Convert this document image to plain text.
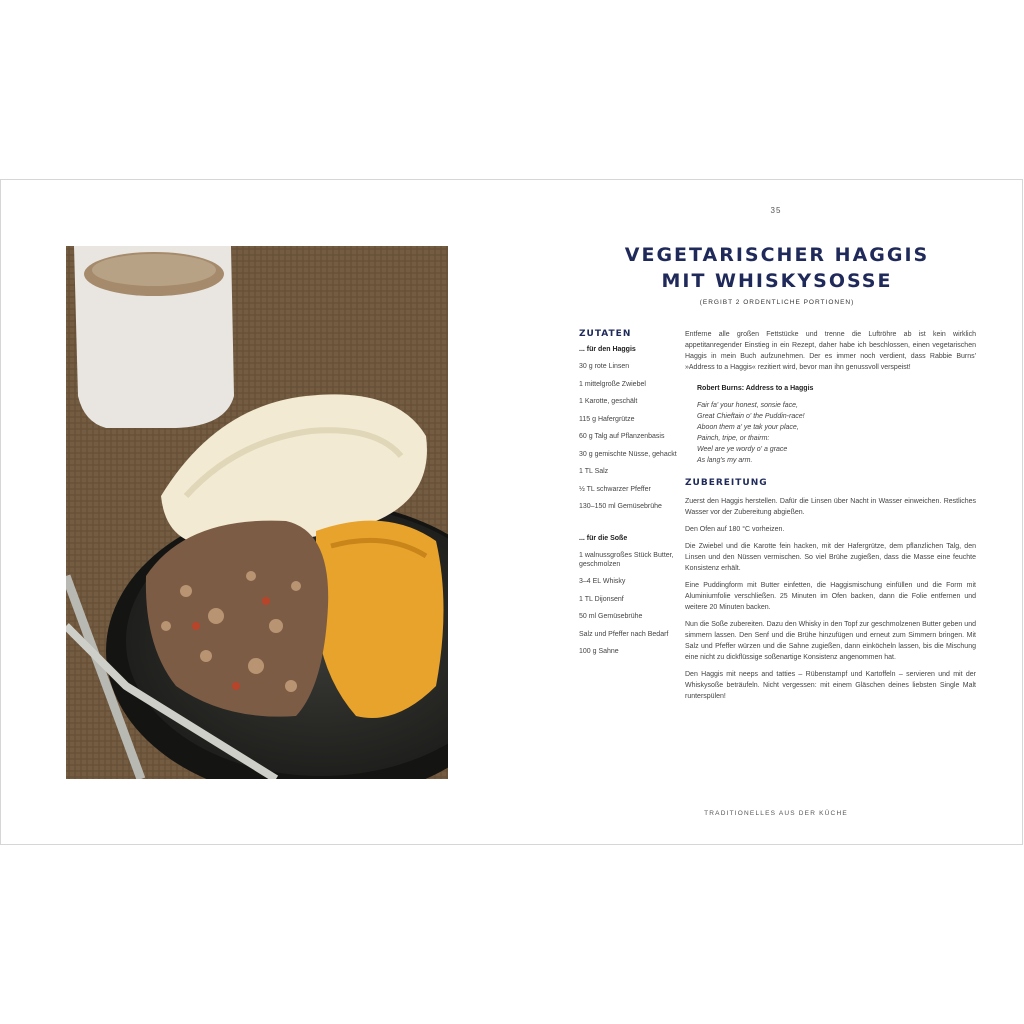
35
VEGETARISCHER HAGGIS
MIT WHISKYSOSSE
(ERGIBT 2 ORDENTLICHE PORTIONEN)
ZUTATEN
... für den Haggis
30 g rote Linsen
1 mittelgroße Zwiebel
1 Karotte, geschält
115 g Hafergrütze
60 g Talg auf Pflanzenbasis
30 g gemischte Nüsse, gehackt
1 TL Salz
½ TL schwarzer Pfeffer
130–150 ml Gemüsebrühe
... für die Soße
1 walnussgroßes Stück Butter, geschmolzen
3–4 EL Whisky
1 TL Dijonsenf
50 ml Gemüsebrühe
Salz und Pfeffer nach Bedarf
100 g Sahne

Entferne alle großen Fettstücke und trenne die Luftröhre ab ist kein wirklich appetitanregender Einstieg in ein Rezept, daher habe ich beschlossen, einen vegetarischen Haggis in mein Buch aufzunehmen. Der es immer noch verdient, dass Rabbie Burns' »Address to a Haggis« rezitiert wird, bevor man ihn genussvoll verspeist!

Robert Burns: Address to a Haggis
Fair fa' your honest, sonsie face,
Great Chieftain o' the Puddin-race!
Aboon them a' ye tak your place,
Painch, tripe, or thairm:
Weel are ye wordy o' a grace
As lang's my arm.
ZUBEREITUNG

Zuerst den Haggis herstellen. Dafür die Linsen über Nacht in Wasser einweichen. Restliches Wasser vor der Zubereitung abgießen.

Den Ofen auf 180 °C vorheizen.

Die Zwiebel und die Karotte fein hacken, mit der Hafergrütze, dem pflanzlichen Talg, den Linsen und den Nüssen vermischen. So viel Brühe zugießen, dass die Masse eine feuchte Konsistenz erhält.

Eine Puddingform mit Butter einfetten, die Haggismischung einfüllen und die Form mit Aluminiumfolie verschließen. 25 Minuten im Ofen backen, dann die Folie entfernen und weitere 20 Minuten backen.

Nun die Soße zubereiten. Dazu den Whisky in den Topf zur geschmolzenen Butter geben und simmern lassen. Den Senf und die Brühe hinzufügen und erneut zum Simmern bringen. Mit Salz und Pfeffer würzen und die Sahne zugießen, dann einköcheln lassen, bis die Mischung eine nicht zu dickflüssige soßenartige Konsistenz angenommen hat.

Den Haggis mit neeps and tatties – Rübenstampf und Kartoffeln – servieren und mit der Whiskysoße beträufeln. Nicht vergessen: mit einem Gläschen deines liebsten Single Malt runterspülen!

TRADITIONELLES AUS DER KÜCHE
